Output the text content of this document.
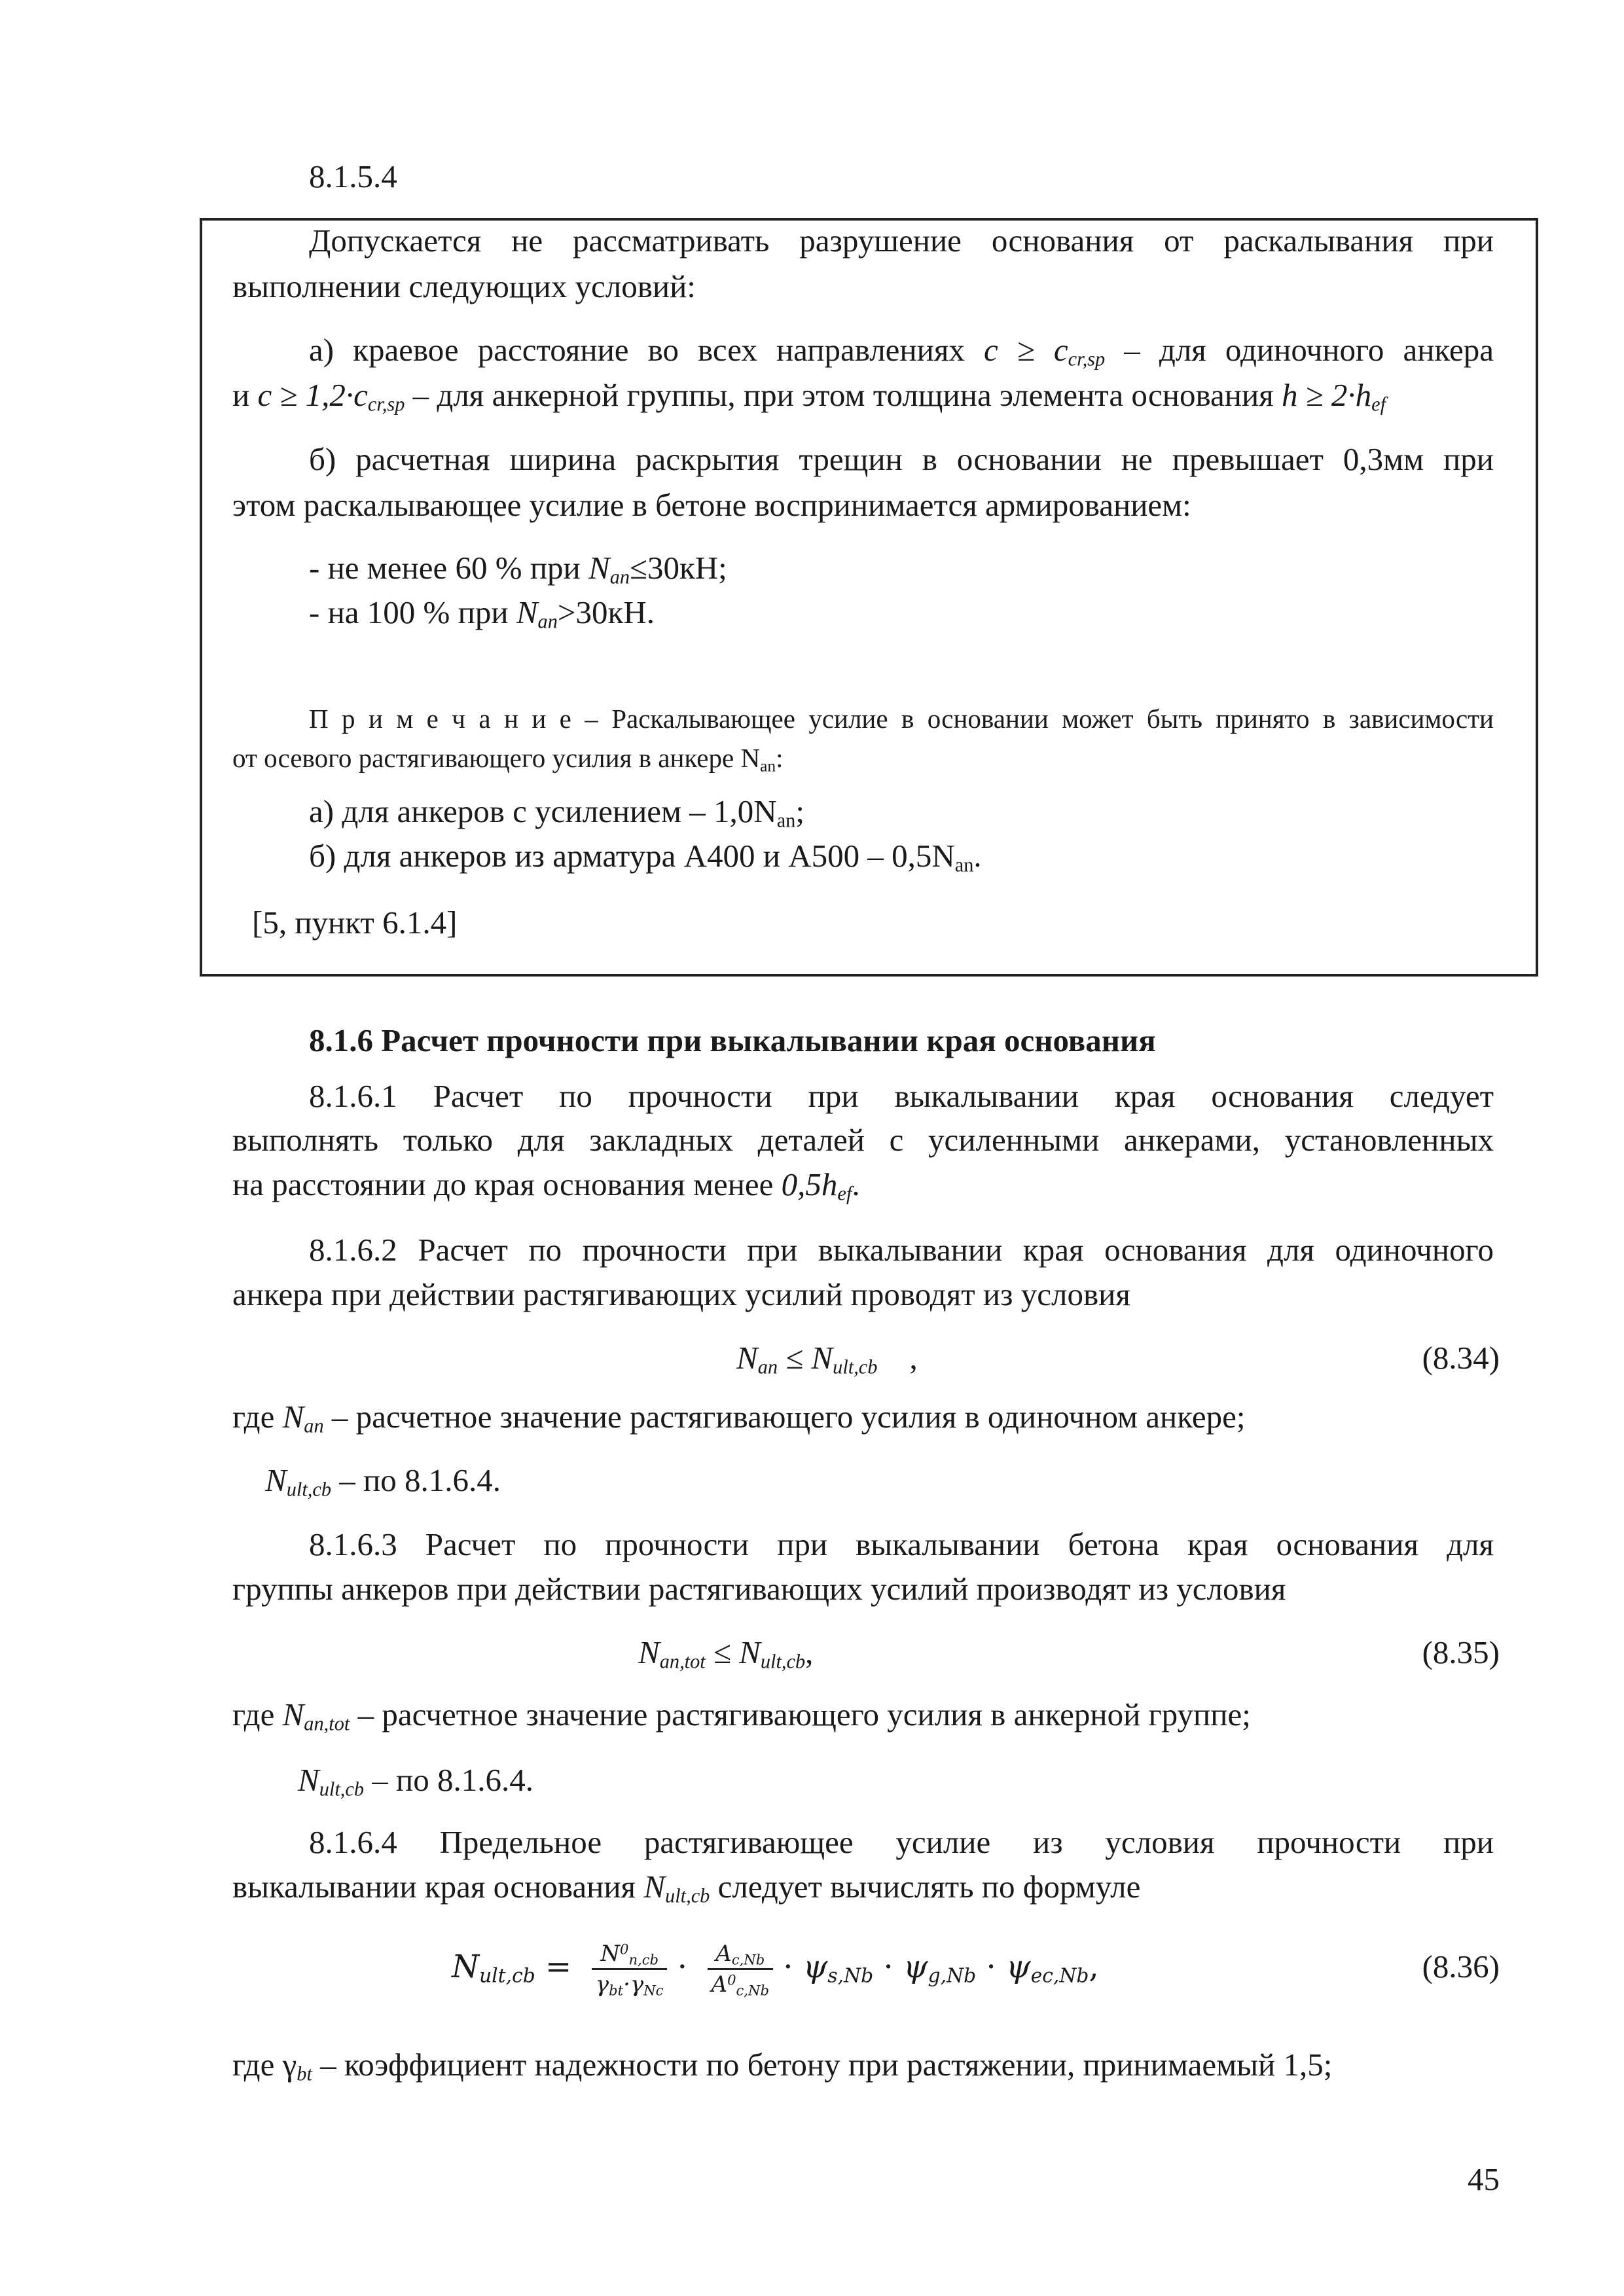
8.1.5.4
Допускается не рассматривать разрушение основания от раскалывания при
выполнении следующих условий:
а) краевое расстояние во всех направлениях $c \ge c_{cr,sp}$ – для одиночного анкера
и $c \ge 1,2\cdot c_{cr,sp}$ – для анкерной группы, при этом толщина элемента основания $h \ge 2\cdot h_{ef}$
б) расчетная ширина раскрытия трещин в основании не превышает 0,3мм при
этом раскалывающее усилие в бетоне воспринимается армированием:
- не менее 60 % при $N_{an}\le 30кН$;
- на 100 % при $N_{an}>30кН$.
П р и м е ч а н и е – Раскалывающее усилие в основании может быть принято в зависимости
от осевого растягивающего усилия в анкере $N_{an}$:
а) для анкеров с усилением – $1,0N_{an}$;
б) для анкеров из арматура А400 и $А500 - 0,5N_{an}$.
[5, пункт 6.1.4]
8.1.6 Расчет прочности при выкалывании края основания
8.1.6.1 Расчет по прочности при выкалывании края основания следует
выполнять только для закладных деталей с усиленными анкерами, установленных
на расстоянии до края основания менее $0,5h_{ef}$.
8.1.6.2 Расчет по прочности при выкалывании края основания для одиночного
анкера при действии растягивающих усилий проводят из условия
$N_{an} \le N_{ult,cb}$    ,	(8.34)
где $N_{an}$ – расчетное значение растягивающего усилия в одиночном анкере;
$N_{ult,cb}$ – по 8.1.6.4.
8.1.6.3 Расчет по прочности при выкалывании бетона края основания для
группы анкеров при действии растягивающих усилий производят из условия
$N_{an,tot} \le N_{ult,cb}$,	(8.35)
где $N_{an,tot}$ – расчетное значение растягивающего усилия в анкерной группе;
$N_{ult,cb}$ – по 8.1.6.4.
8.1.6.4 Предельное растягивающее усилие из условия прочности при
выкалывании края основания $N_{ult,cb}$ следует вычислять по формуле
$N_{ult,cb} = \frac{N^0_{n,cb}}{\gamma_{bt}\cdot\gamma_{Nc}} \cdot \frac{A_{c,Nb}}{A^0_{c,Nb}} \cdot \psi_{s,Nb} \cdot \psi_{g,Nb} \cdot \psi_{ec,Nb}$,	(8.36)
где $\gamma_{bt}$ – коэффициент надежности по бетону при растяжении, принимаемый 1,5;
45
